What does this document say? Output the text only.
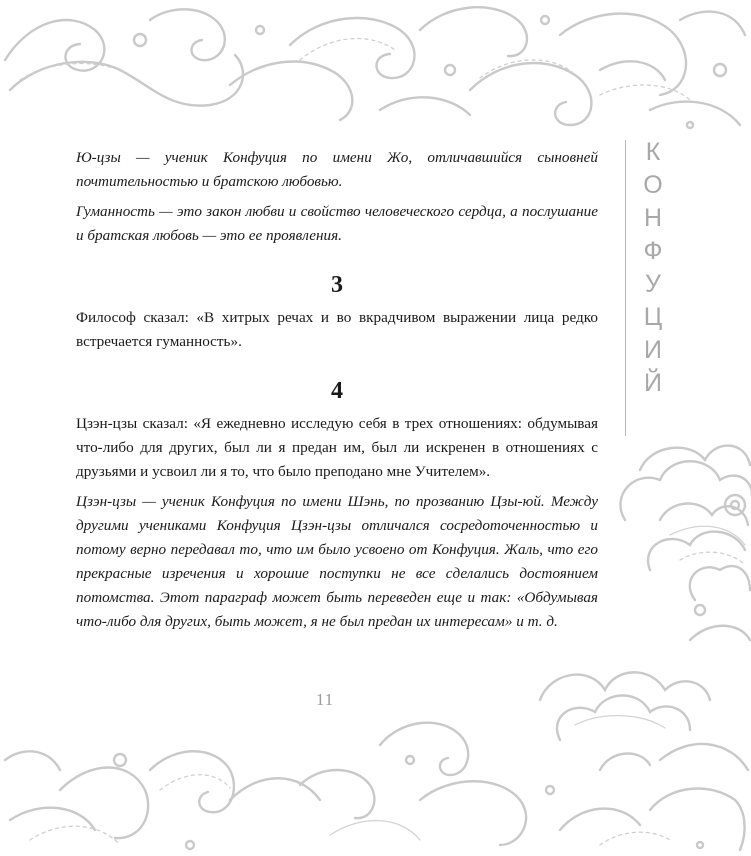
К
О
Н
Ф
У
Ц
И
Й

Ю-цзы — ученик Конфуция по имени Жо, отличавшийся сыновней почтительностью и братскою любовью.

Гуманность — это закон любви и свойство человеческого сердца, а послушание и братская любовь — это ее проявления.

3

Философ сказал: «В хитрых речах и во вкрадчивом выражении лица редко встречается гуманность».

4

Цзэн-цзы сказал: «Я ежедневно исследую себя в трех отношениях: обдумывая что-либо для других, был ли я предан им, был ли искренен в отношениях с друзьями и усвоил ли я то, что было преподано мне Учителем».

Цзэн-цзы — ученик Конфуция по имени Шэнь, по прозванию Цзы-юй. Между другими учениками Конфуция Цзэн-цзы отличался сосредоточенностью и потому верно передавал то, что им было усвоено от Конфуция. Жаль, что его прекрасные изречения и хорошие поступки не все сделались достоянием потомства. Этот параграф может быть переведен еще и так: «Обдумывая что-либо для других, быть может, я не был предан их интересам» и т. д.

11
